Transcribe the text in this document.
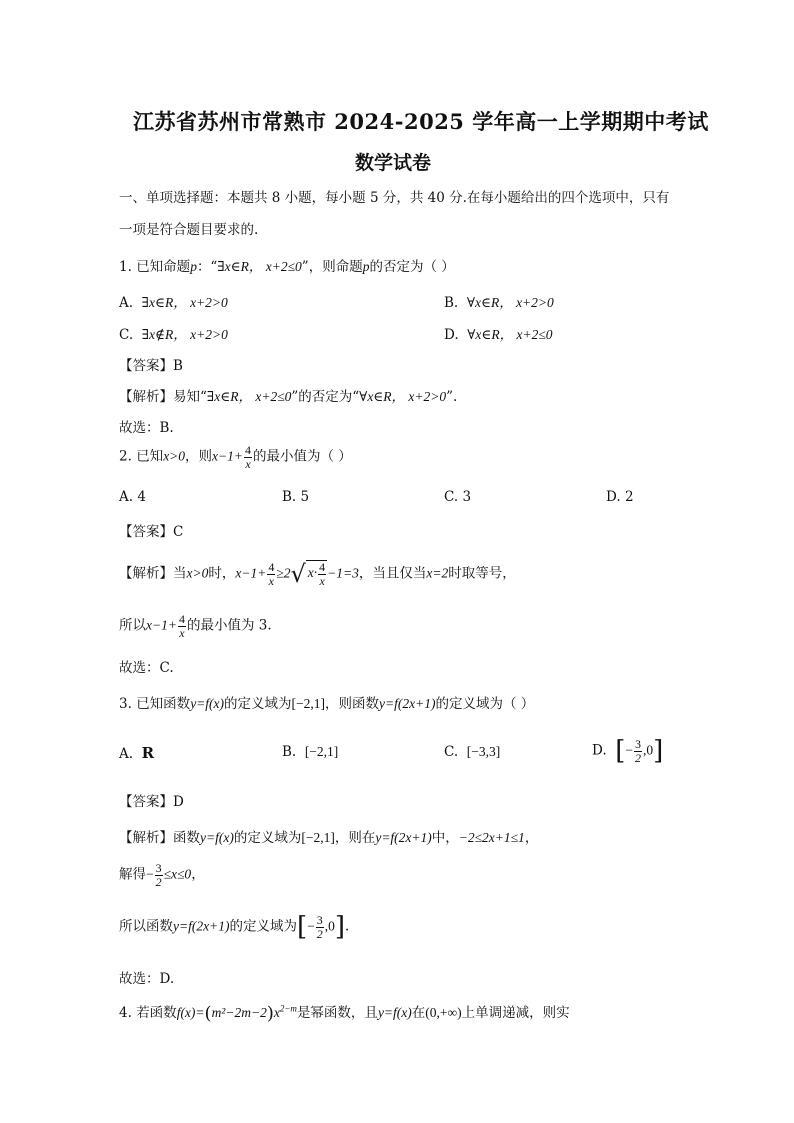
江苏省苏州市常熟市 2024-2025 学年高一上学期期中考试
数学试卷
一、单项选择题：本题共 8 小题，每小题 5 分，共 40 分.在每小题给出的四个选项中，只有
一项是符合题目要求的.
1. 已知命题p：“∃x∈R， x+2≤0”，则命题p的否定为（ ）
A. ∃x∈R， x+2>0	B. ∀x∈R， x+2>0
C. ∃x∉R， x+2>0	D. ∀x∈R， x+2≤0
【答案】B
【解析】易知“∃x∈R， x+2≤0”的否定为“∀x∈R， x+2>0”.
故选：B.
2. 已知x>0，则$x-1+ \frac{4}{x}$ 的最小值为（ ）
A. 4	B. 5	C. 3	D. 2
【答案】C
【解析】当x>0时，$x-1+ \frac{4}{x} \ge 2√$ $x\cdot \frac{4}{x} -1=3$，当且仅当x=2时取等号，
所以$x-1+ \frac{4}{x}$ 的最小值为 3.
故选：C.
3. 已知函数y=f(x)的定义域为[−2,1]，则函数y=f(2x+1)的定义域为（ ）
A. R	B. [−2,1]	C. [−3,3]	D. [− $\frac{3}{2} ,0$]
【答案】D
【解析】函数y=f(x)的定义域为[−2,1]，则在y=f(2x+1)中，−2≤2x+1≤1，
解得− $\frac{3}{2} \le x\le 0$，
所以函数y=f(2x+1)的定义域为[− $\frac{3}{2} ,0$].
故选：D.
4. 若函数$f(x)=(m^2-2m-2)x^{2-m}$是幂函数，且y=f(x)在(0,+∞)上单调递减，则实
